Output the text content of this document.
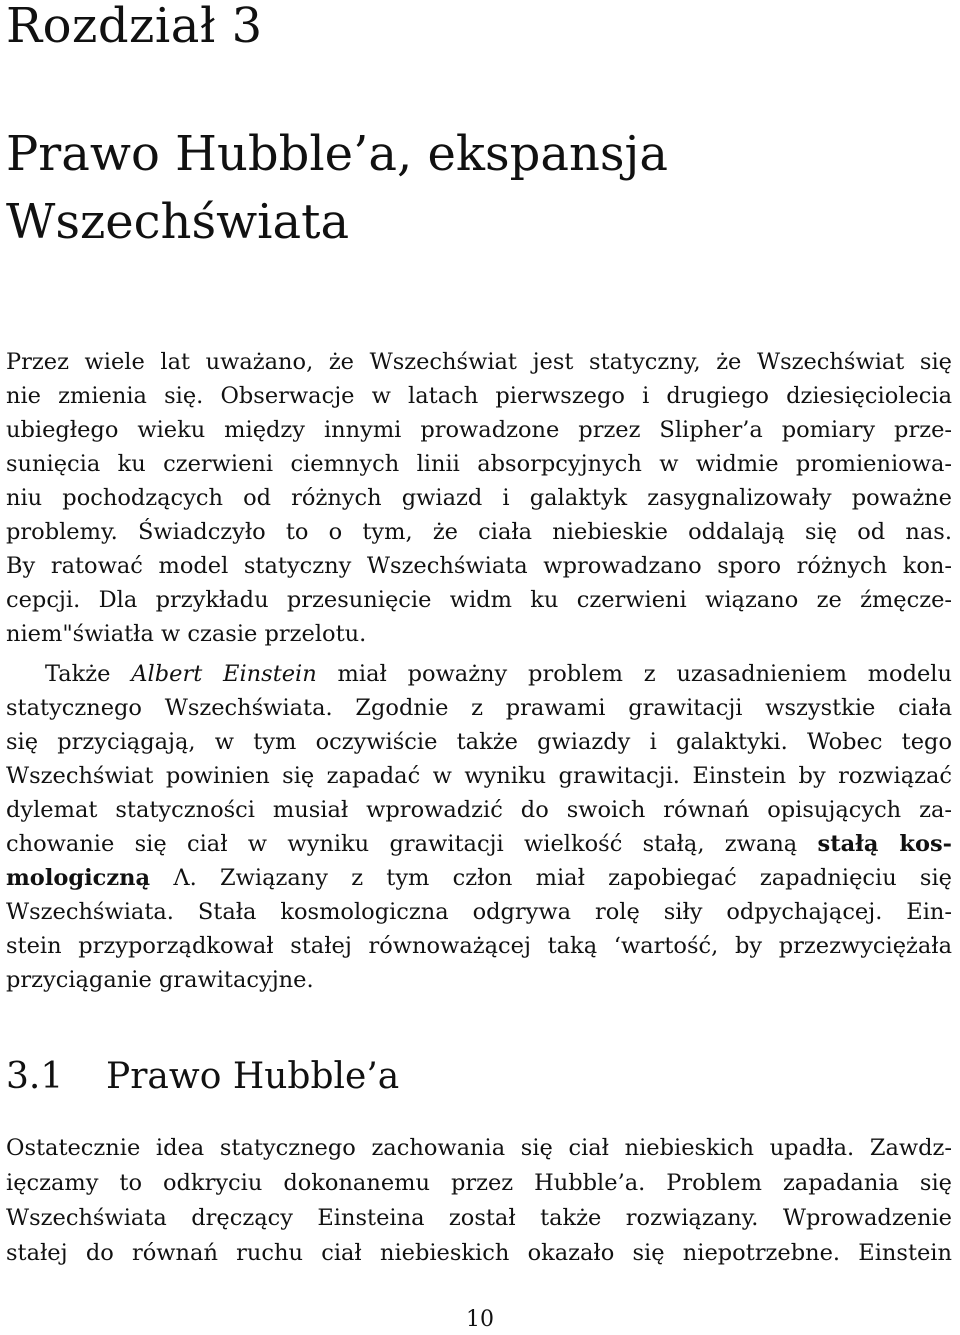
Rozdział 3
Prawo Hubble’a, ekspansja
Wszechświata
Przez wiele lat uważano, że Wszechświat jest statyczny, że Wszechświat się
nie zmienia się. Obserwacje w latach pierwszego i drugiego dziesięciolecia
ubiegłego wieku między innymi prowadzone przez Slipher’a pomiary prze-
sunięcia ku czerwieni ciemnych linii absorpcyjnych w widmie promieniowa-
niu pochodzących od różnych gwiazd i galaktyk zasygnalizowały poważne
problemy. Świadczyło to o tym, że ciała niebieskie oddalają się od nas.
By ratować model statyczny Wszechświata wprowadzano sporo różnych kon-
cepcji. Dla przykładu przesunięcie widm ku czerwieni wiązano ze źmęcze-
niem"światła w czasie przelotu.
Także Albert Einstein miał poważny problem z uzasadnieniem modelu
statycznego Wszechświata. Zgodnie z prawami grawitacji wszystkie ciała
się przyciągają, w tym oczywiście także gwiazdy i galaktyki. Wobec tego
Wszechświat powinien się zapadać w wyniku grawitacji. Einstein by rozwiązać
dylemat statyczności musiał wprowadzić do swoich równań opisujących za-
chowanie się ciał w wyniku grawitacji wielkość stałą, zwaną stałą kos-
mologiczną Λ. Związany z tym człon miał zapobiegać zapadnięciu się
Wszechświata. Stała kosmologiczna odgrywa rolę siły odpychającej. Ein-
stein przyporządkował stałej równoważącej taką ‘wartość, by przezwyciężała
przyciąganie grawitacyjne.
3.1 Prawo Hubble’a
Ostatecznie idea statycznego zachowania się ciał niebieskich upadła. Zawdz-
ięczamy to odkryciu dokonanemu przez Hubble’a. Problem zapadania się
Wszechświata dręczący Einsteina został także rozwiązany. Wprowadzenie
stałej do równań ruchu ciał niebieskich okazało się niepotrzebne. Einstein
10
